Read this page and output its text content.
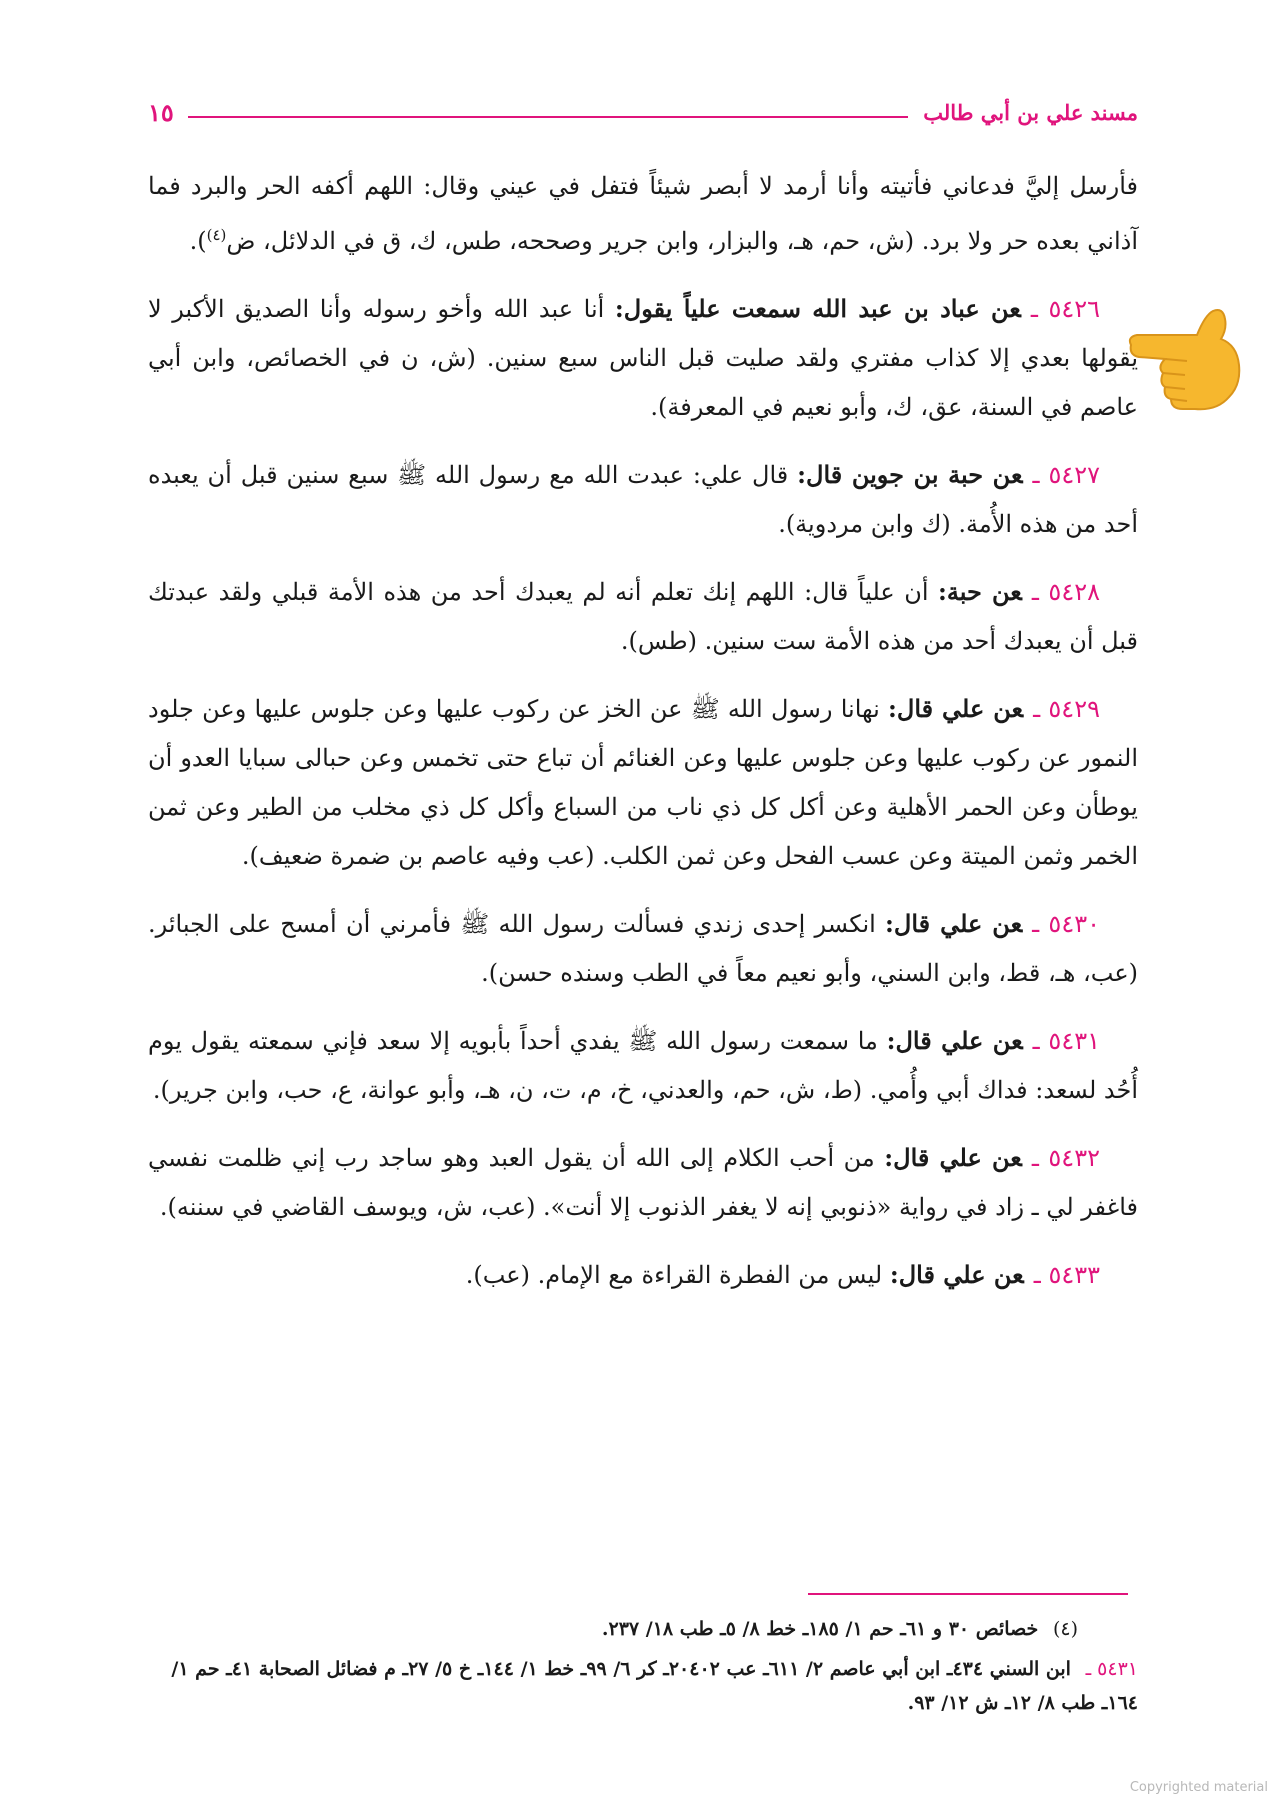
مسند علي بن أبي طالب
١٥

فأرسل إليَّ فدعاني فأتيته وأنا أرمد لا أبصر شيئاً فتفل في عيني وقال: اللهم أكفه الحر والبرد فما آذاني بعده حر ولا برد. (ش، حم، هـ، والبزار، وابن جرير وصححه، طس، ك، ق في الدلائل، ض$^{(٤)}$).

٥٤٢٦ ـعن عباد بن عبد الله سمعت علياً يقول: أنا عبد الله وأخو رسوله وأنا الصديق الأكبر لا يقولها بعدي إلا كذاب مفتري ولقد صليت قبل الناس سبع سنين. (ش، ن في الخصائص، وابن أبي عاصم في السنة، عق، ك، وأبو نعيم في المعرفة).

٥٤٢٧ ـعن حبة بن جوين قال: قال علي: عبدت الله مع رسول الله ﷺ سبع سنين قبل أن يعبده أحد من هذه الأُمة. (ك وابن مردوية).

٥٤٢٨ ـعن حبة: أن علياً قال: اللهم إنك تعلم أنه لم يعبدك أحد من هذه الأمة قبلي ولقد عبدتك قبل أن يعبدك أحد من هذه الأمة ست سنين. (طس).

٥٤٢٩ ـعن علي قال: نهانا رسول الله ﷺ عن الخز عن ركوب عليها وعن جلوس عليها وعن جلود النمور عن ركوب عليها وعن جلوس عليها وعن الغنائم أن تباع حتى تخمس وعن حبالى سبايا العدو أن يوطأن وعن الحمر الأهلية وعن أكل كل ذي ناب من السباع وأكل كل ذي مخلب من الطير وعن ثمن الخمر وثمن الميتة وعن عسب الفحل وعن ثمن الكلب. (عب وفيه عاصم بن ضمرة ضعيف).

٥٤٣٠ ـعن علي قال: انكسر إحدى زندي فسألت رسول الله ﷺ فأمرني أن أمسح على الجبائر. (عب، هـ، قط، وابن السني، وأبو نعيم معاً في الطب وسنده حسن).

٥٤٣١ ـعن علي قال: ما سمعت رسول الله ﷺ يفدي أحداً بأبويه إلا سعد فإني سمعته يقول يوم أُحُد لسعد: فداك أبي وأُمي. (ط، ش، حم، والعدني، خ، م، ت، ن، هـ، وأبو عوانة، ع، حب، وابن جرير).

٥٤٣٢ ـعن علي قال: من أحب الكلام إلى الله أن يقول العبد وهو ساجد رب إني ظلمت نفسي فاغفر لي ـ زاد في رواية «ذنوبي إنه لا يغفر الذنوب إلا أنت». (عب، ش، ويوسف القاضي في سننه).

٥٤٣٣ ـعن علي قال: ليس من الفطرة القراءة مع الإمام. (عب).

(٤) خصائص ٣٠ و ٦١ـ حم ١/ ١٨٥ـ خط ٨/ ٥ـ طب ١٨/ ٢٣٧.

٥٤٣١ ـ ابن السني ٤٣٤ـ ابن أبي عاصم ٢/ ٦١١ـ عب ٢٠٤٠٢ـ كر ٦/ ٩٩ـ خط ١/ ١٤٤ـ خ ٥/ ٢٧ـ م فضائل الصحابة ٤١ـ حم ١/ ١٦٤ـ طب ٨/ ١٢ـ ش ١٢/ ٩٣.

Copyrighted material
